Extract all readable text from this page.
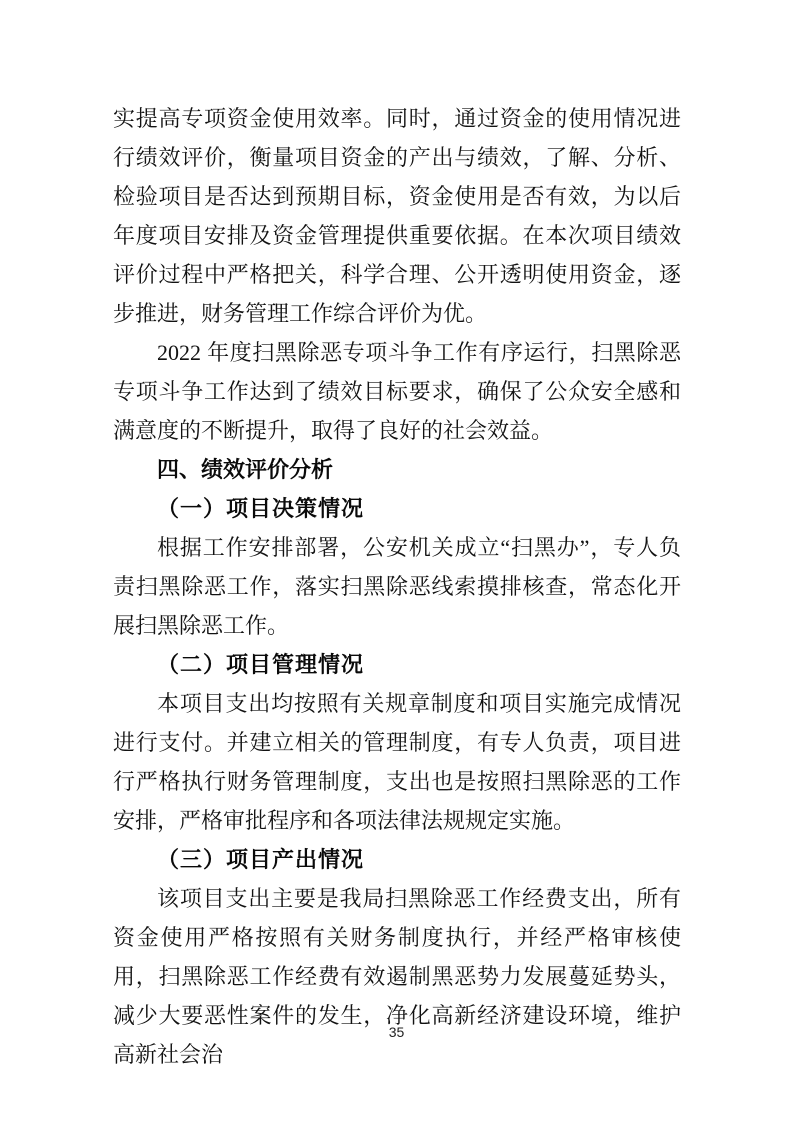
实提高专项资金使用效率。同时，通过资金的使用情况进行绩效评价，衡量项目资金的产出与绩效，了解、分析、检验项目是否达到预期目标，资金使用是否有效，为以后年度项目安排及资金管理提供重要依据。在本次项目绩效评价过程中严格把关，科学合理、公开透明使用资金，逐步推进，财务管理工作综合评价为优。

2022 年度扫黑除恶专项斗争工作有序运行，扫黑除恶专项斗争工作达到了绩效目标要求，确保了公众安全感和满意度的不断提升，取得了良好的社会效益。

四、绩效评价分析
（一）项目决策情况

根据工作安排部署，公安机关成立“扫黑办”，专人负责扫黑除恶工作，落实扫黑除恶线索摸排核查，常态化开展扫黑除恶工作。

（二）项目管理情况

本项目支出均按照有关规章制度和项目实施完成情况进行支付。并建立相关的管理制度，有专人负责，项目进行严格执行财务管理制度，支出也是按照扫黑除恶的工作安排，严格审批程序和各项法律法规规定实施。

（三）项目产出情况

该项目支出主要是我局扫黑除恶工作经费支出，所有资金使用严格按照有关财务制度执行，并经严格审核使用，扫黑除恶工作经费有效遏制黑恶势力发展蔓延势头，减少大要恶性案件的发生，净化高新经济建设环境，维护高新社会治

35
